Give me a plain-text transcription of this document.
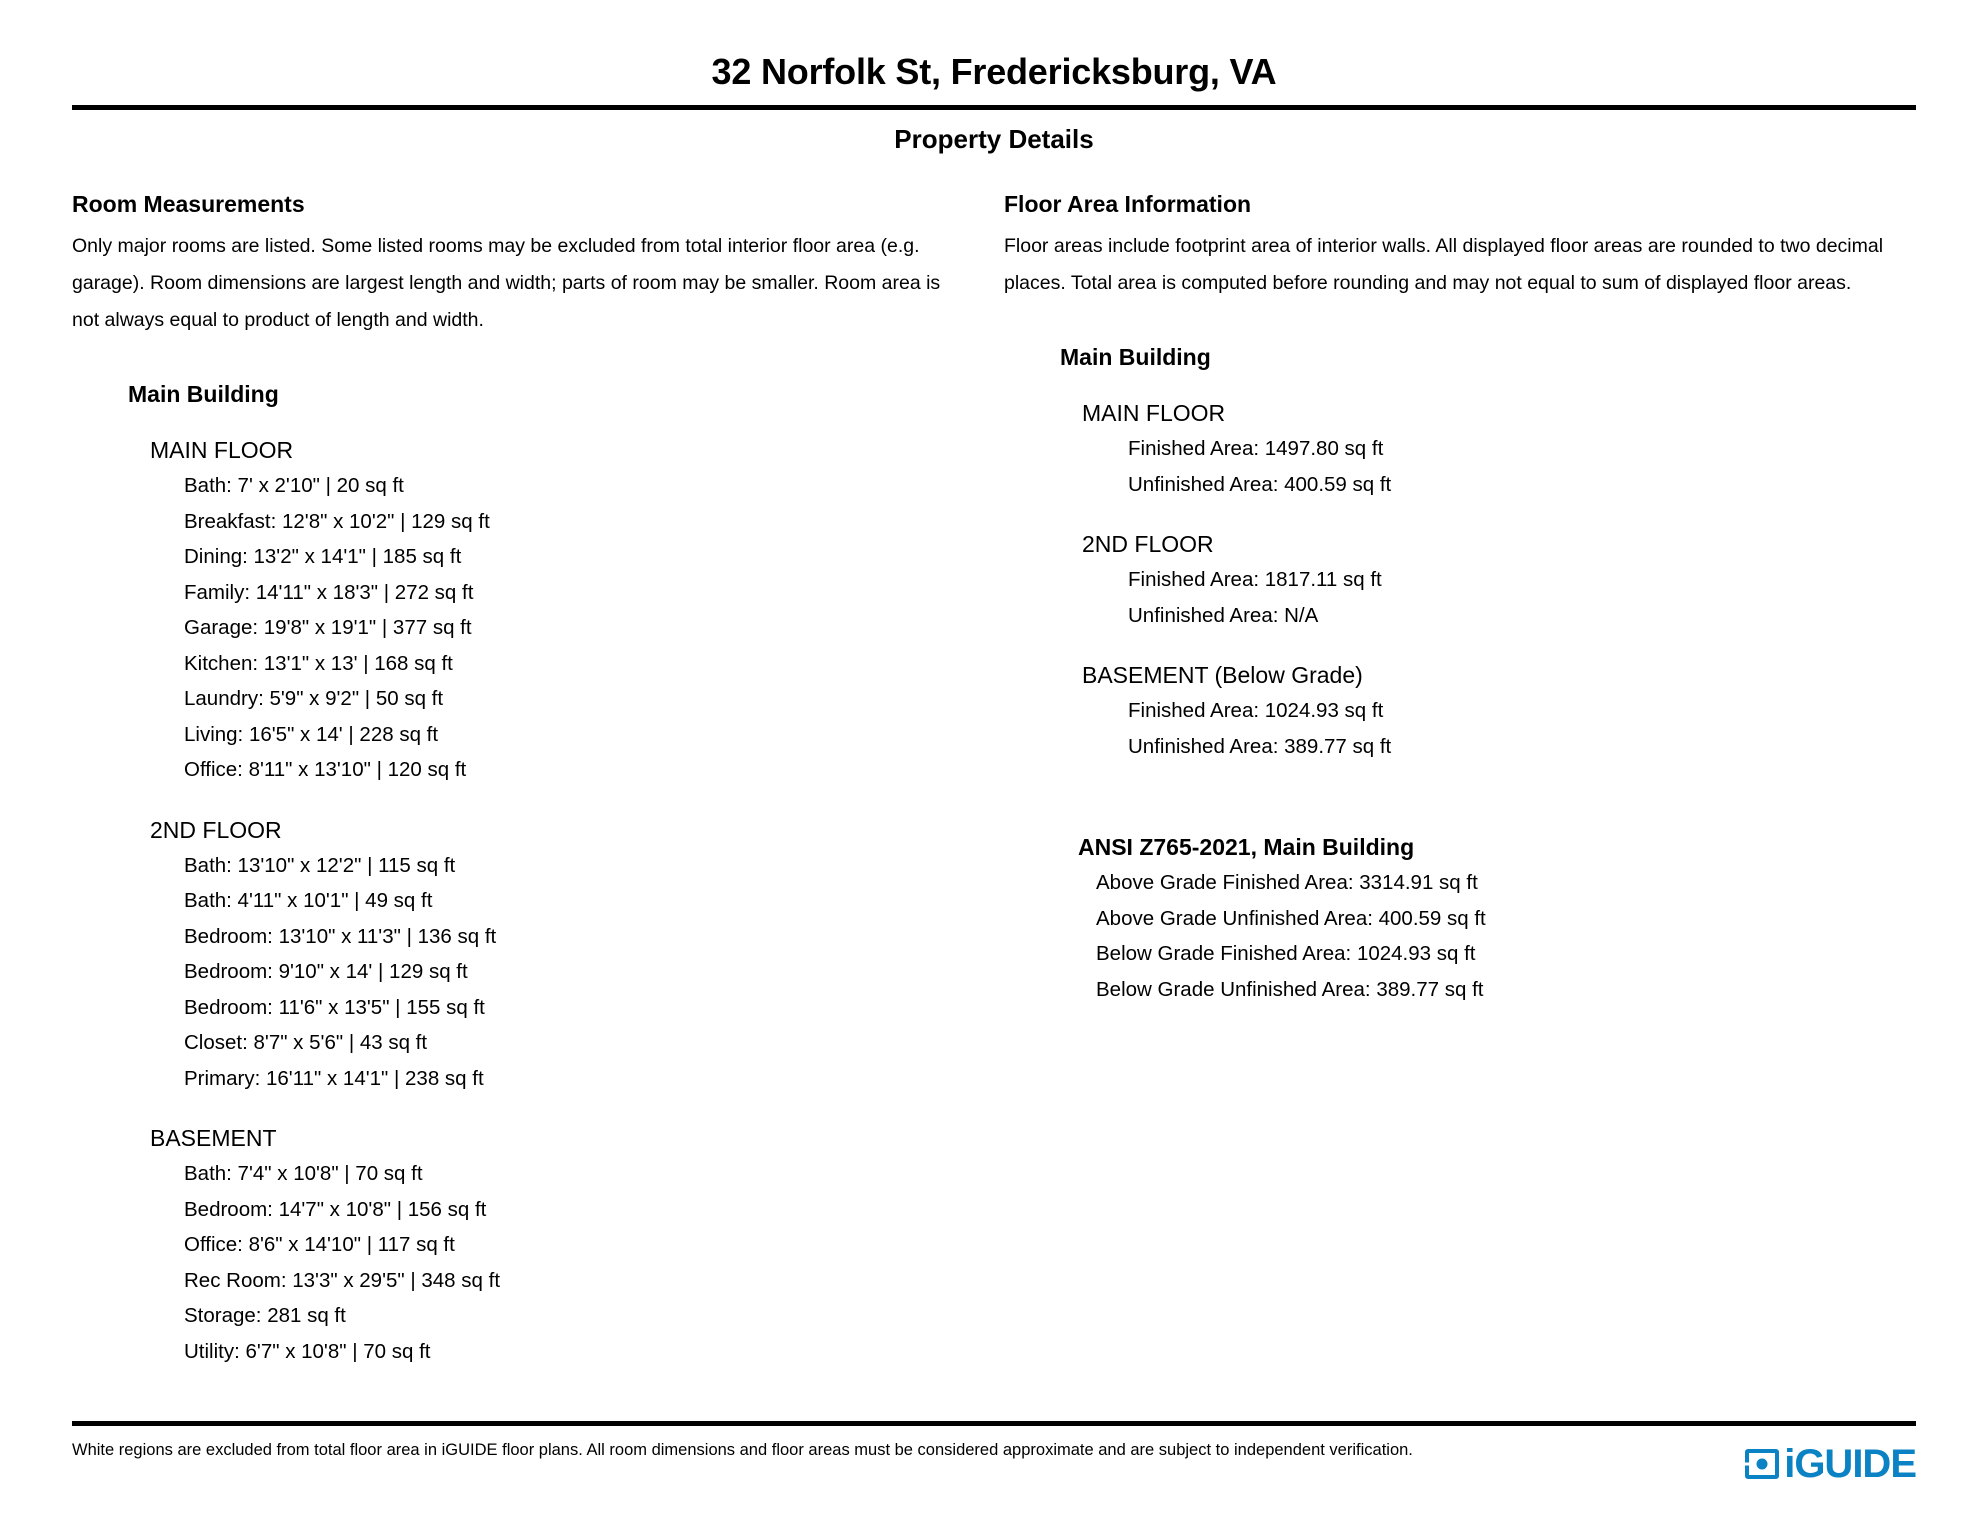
32 Norfolk St, Fredericksburg, VA
Property Details
Room Measurements

Only major rooms are listed. Some listed rooms may be excluded from total interior floor area (e.g. garage). Room dimensions are largest length and width; parts of room may be smaller. Room area is not always equal to product of length and width.

Main Building
MAIN FLOOR
Bath: 7' x 2'10" | 20 sq ft
Breakfast: 12'8" x 10'2" | 129 sq ft
Dining: 13'2" x 14'1" | 185 sq ft
Family: 14'11" x 18'3" | 272 sq ft
Garage: 19'8" x 19'1" | 377 sq ft
Kitchen: 13'1" x 13' | 168 sq ft
Laundry: 5'9" x 9'2" | 50 sq ft
Living: 16'5" x 14' | 228 sq ft
Office: 8'11" x 13'10" | 120 sq ft
2ND FLOOR
Bath: 13'10" x 12'2" | 115 sq ft
Bath: 4'11" x 10'1" | 49 sq ft
Bedroom: 13'10" x 11'3" | 136 sq ft
Bedroom: 9'10" x 14' | 129 sq ft
Bedroom: 11'6" x 13'5" | 155 sq ft
Closet: 8'7" x 5'6" | 43 sq ft
Primary: 16'11" x 14'1" | 238 sq ft
BASEMENT
Bath: 7'4" x 10'8" | 70 sq ft
Bedroom: 14'7" x 10'8" | 156 sq ft
Office: 8'6" x 14'10" | 117 sq ft
Rec Room: 13'3" x 29'5" | 348 sq ft
Storage: 281 sq ft
Utility: 6'7" x 10'8" | 70 sq ft
Floor Area Information

Floor areas include footprint area of interior walls. All displayed floor areas are rounded to two decimal places. Total area is computed before rounding and may not equal to sum of displayed floor areas.

Main Building
MAIN FLOOR
Finished Area: 1497.80 sq ft
Unfinished Area: 400.59 sq ft
2ND FLOOR
Finished Area: 1817.11 sq ft
Unfinished Area: N/A
BASEMENT (Below Grade)
Finished Area: 1024.93 sq ft
Unfinished Area: 389.77 sq ft
ANSI Z765-2021, Main Building
Above Grade Finished Area: 3314.91 sq ft
Above Grade Unfinished Area: 400.59 sq ft
Below Grade Finished Area: 1024.93 sq ft
Below Grade Unfinished Area: 389.77 sq ft
White regions are excluded from total floor area in iGUIDE floor plans. All room dimensions and floor areas must be considered approximate and are subject to independent verification.	iGUIDE
